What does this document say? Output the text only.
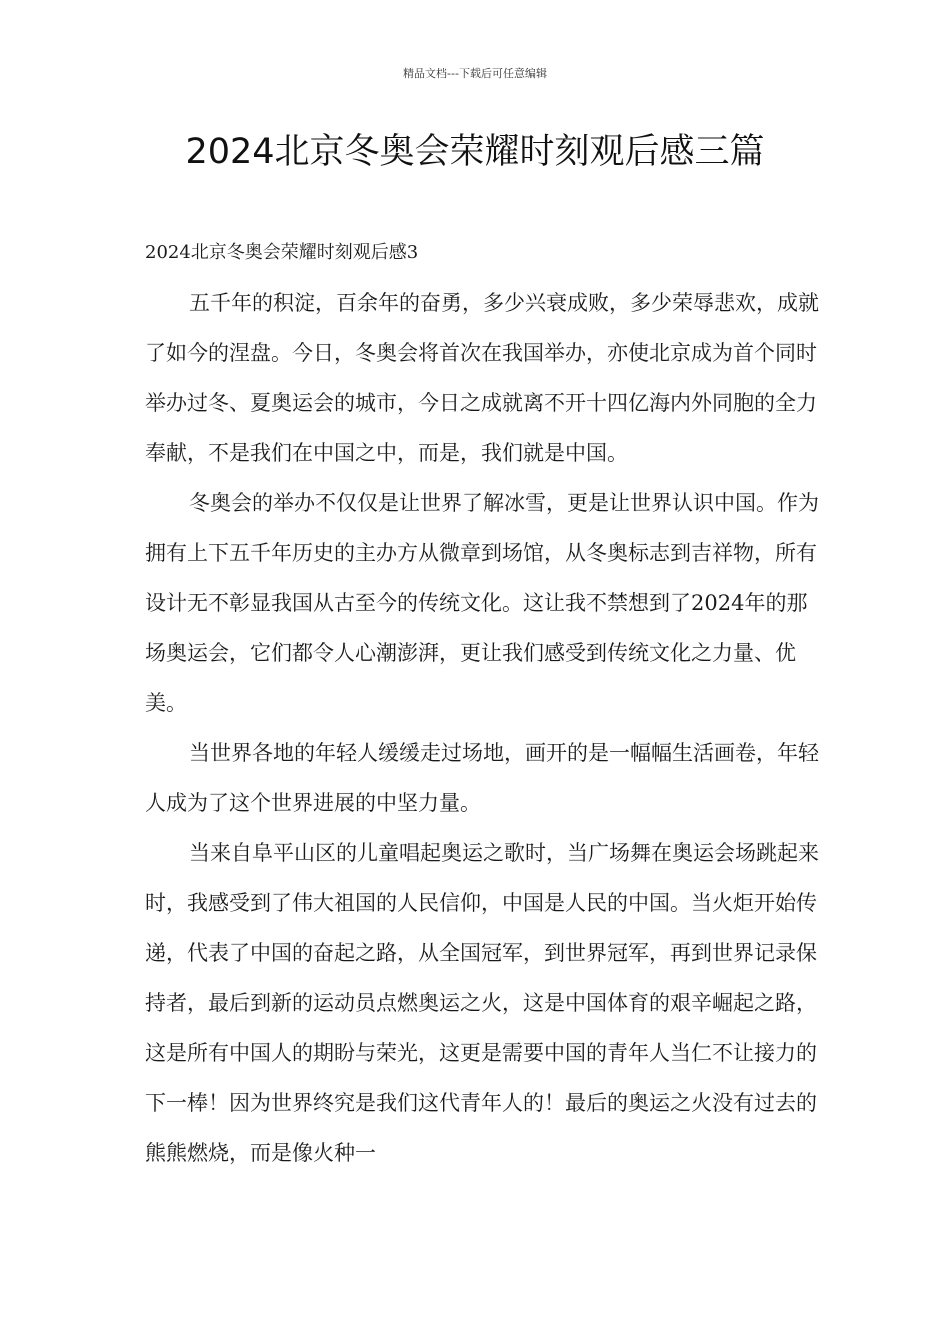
精品文档---下载后可任意编辑
2024北京冬奥会荣耀时刻观后感三篇

2024北京冬奥会荣耀时刻观后感3

五千年的积淀，百余年的奋勇，多少兴衰成败，多少荣辱悲欢，成就了如今的涅盘。今日，冬奥会将首次在我国举办，亦使北京成为首个同时举办过冬、夏奥运会的城市，今日之成就离不开十四亿海内外同胞的全力奉献，不是我们在中国之中，而是，我们就是中国。

冬奥会的举办不仅仅是让世界了解冰雪，更是让世界认识中国。作为拥有上下五千年历史的主办方从微章到场馆，从冬奥标志到吉祥物，所有设计无不彰显我国从古至今的传统文化。这让我不禁想到了2024年的那场奥运会，它们都令人心潮澎湃，更让我们感受到传统文化之力量、优美。

当世界各地的年轻人缓缓走过场地，画开的是一幅幅生活画卷，年轻人成为了这个世界进展的中坚力量。

当来自阜平山区的儿童唱起奥运之歌时，当广场舞在奥运会场跳起来时，我感受到了伟大祖国的人民信仰，中国是人民的中国。当火炬开始传递，代表了中国的奋起之路，从全国冠军，到世界冠军，再到世界记录保持者，最后到新的运动员点燃奥运之火，这是中国体育的艰辛崛起之路，这是所有中国人的期盼与荣光，这更是需要中国的青年人当仁不让接力的下一棒！因为世界终究是我们这代青年人的！最后的奥运之火没有过去的熊熊燃烧，而是像火种一
